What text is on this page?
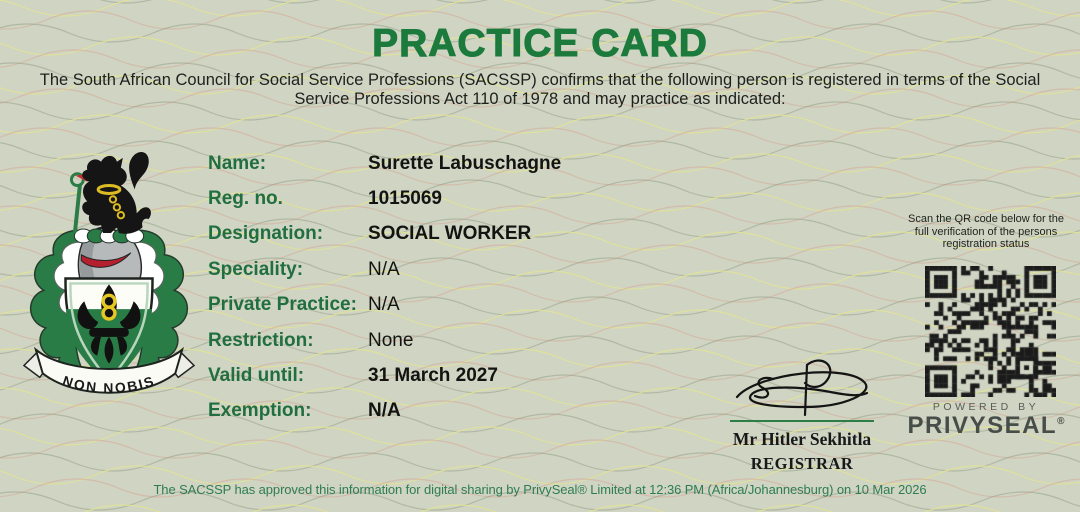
PRACTICE CARD
The South African Council for Social Service Professions (SACSSP) confirms that the following person is registered in terms of the Social
Service Professions Act 110 of 1978 and may practice as indicated:
NON NOBIS
Name:	Surette Labuschagne
Reg. no.	1015069
Designation:	SOCIAL WORKER
Speciality:	N/A
Private Practice: N/A
Restriction:	None
Valid until:	31 March 2027
Exemption:	N/A
Mr Hitler Sekhitla
REGISTRAR
Scan the QR code below for the full verification of the persons registration status
POWERED BY
PRIVYSEAL®
The SACSSP has approved this information for digital sharing by PrivySeal® Limited at 12:36 PM (Africa/Johannesburg) on 10 Mar 2026
